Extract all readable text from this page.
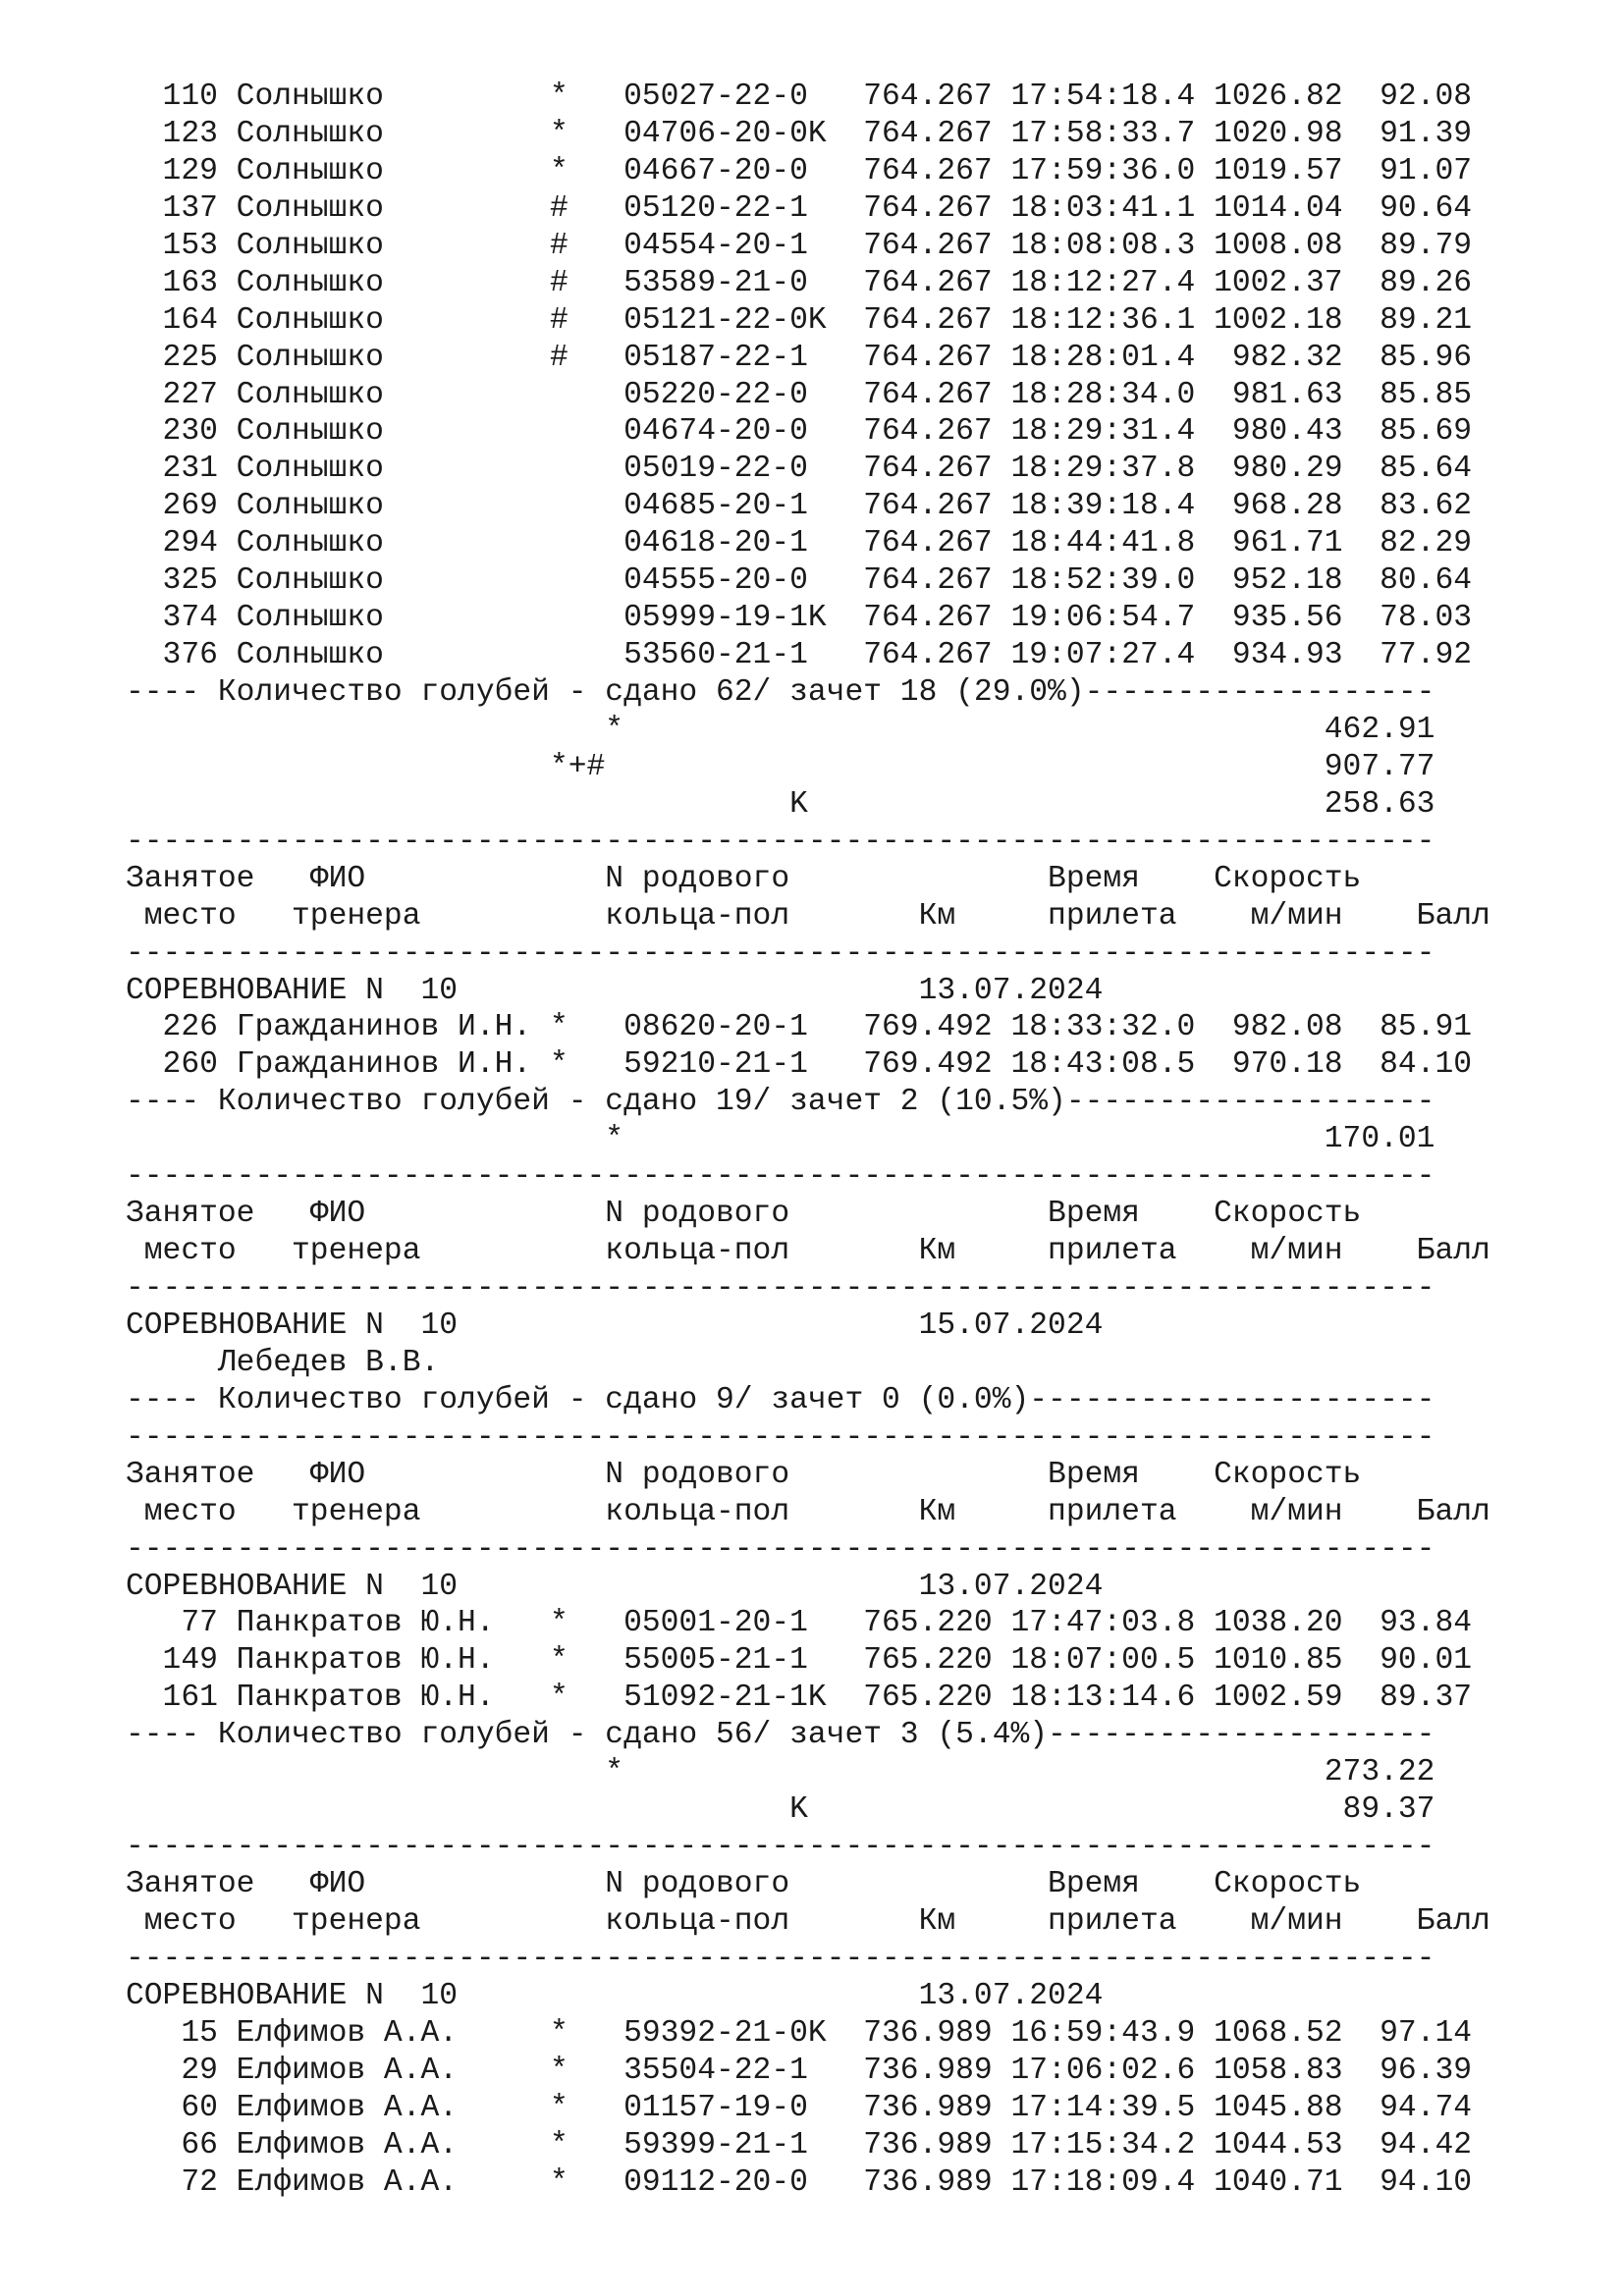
110 Солнышко         *   05027-22-0   764.267 17:54:18.4 1026.82  92.08
123 Солнышко         *   04706-20-0K  764.267 17:58:33.7 1020.98  91.39
129 Солнышко         *   04667-20-0   764.267 17:59:36.0 1019.57  91.07
137 Солнышко         #   05120-22-1   764.267 18:03:41.1 1014.04  90.64
153 Солнышко         #   04554-20-1   764.267 18:08:08.3 1008.08  89.79
163 Солнышко         #   53589-21-0   764.267 18:12:27.4 1002.37  89.26
164 Солнышко         #   05121-22-0K  764.267 18:12:36.1 1002.18  89.21
225 Солнышко         #   05187-22-1   764.267 18:28:01.4  982.32  85.96
227 Солнышко             05220-22-0   764.267 18:28:34.0  981.63  85.85
230 Солнышко             04674-20-0   764.267 18:29:31.4  980.43  85.69
231 Солнышко             05019-22-0   764.267 18:29:37.8  980.29  85.64
269 Солнышко             04685-20-1   764.267 18:39:18.4  968.28  83.62
294 Солнышко             04618-20-1   764.267 18:44:41.8  961.71  82.29
325 Солнышко             04555-20-0   764.267 18:52:39.0  952.18  80.64
374 Солнышко             05999-19-1K  764.267 19:06:54.7  935.56  78.03
376 Солнышко             53560-21-1   764.267 19:07:27.4  934.93  77.92
---- Количество голубей - сдано 62/ зачет 18 (29.0%)-------------------
*                                      462.91
*+#                                       907.77
K                            258.63
-----------------------------------------------------------------------
Занятое   ФИО             N родового              Время    Скорость
место   тренера          кольца-пол       Км     прилета    м/мин    Балл
-----------------------------------------------------------------------
СОРЕВНОВАНИЕ N  10                         13.07.2024
226 Гражданинов И.Н. *   08620-20-1   769.492 18:33:32.0  982.08  85.91
260 Гражданинов И.Н. *   59210-21-1   769.492 18:43:08.5  970.18  84.10
---- Количество голубей - сдано 19/ зачет 2 (10.5%)--------------------
*                                      170.01
-----------------------------------------------------------------------
Занятое   ФИО             N родового              Время    Скорость
место   тренера          кольца-пол       Км     прилета    м/мин    Балл
-----------------------------------------------------------------------
СОРЕВНОВАНИЕ N  10                         15.07.2024
Лебедев В.В.
---- Количество голубей - сдано 9/ зачет 0 (0.0%)----------------------
-----------------------------------------------------------------------
Занятое   ФИО             N родового              Время    Скорость
место   тренера          кольца-пол       Км     прилета    м/мин    Балл
-----------------------------------------------------------------------
СОРЕВНОВАНИЕ N  10                         13.07.2024
77 Панкратов Ю.Н.   *   05001-20-1   765.220 17:47:03.8 1038.20  93.84
149 Панкратов Ю.Н.   *   55005-21-1   765.220 18:07:00.5 1010.85  90.01
161 Панкратов Ю.Н.   *   51092-21-1K  765.220 18:13:14.6 1002.59  89.37
---- Количество голубей - сдано 56/ зачет 3 (5.4%)---------------------
*                                      273.22
K                             89.37
-----------------------------------------------------------------------
Занятое   ФИО             N родового              Время    Скорость
место   тренера          кольца-пол       Км     прилета    м/мин    Балл
-----------------------------------------------------------------------
СОРЕВНОВАНИЕ N  10                         13.07.2024
15 Елфимов А.А.     *   59392-21-0K  736.989 16:59:43.9 1068.52  97.14
29 Елфимов А.А.     *   35504-22-1   736.989 17:06:02.6 1058.83  96.39
60 Елфимов А.А.     *   01157-19-0   736.989 17:14:39.5 1045.88  94.74
66 Елфимов А.А.     *   59399-21-1   736.989 17:15:34.2 1044.53  94.42
72 Елфимов А.А.     *   09112-20-0   736.989 17:18:09.4 1040.71  94.10
